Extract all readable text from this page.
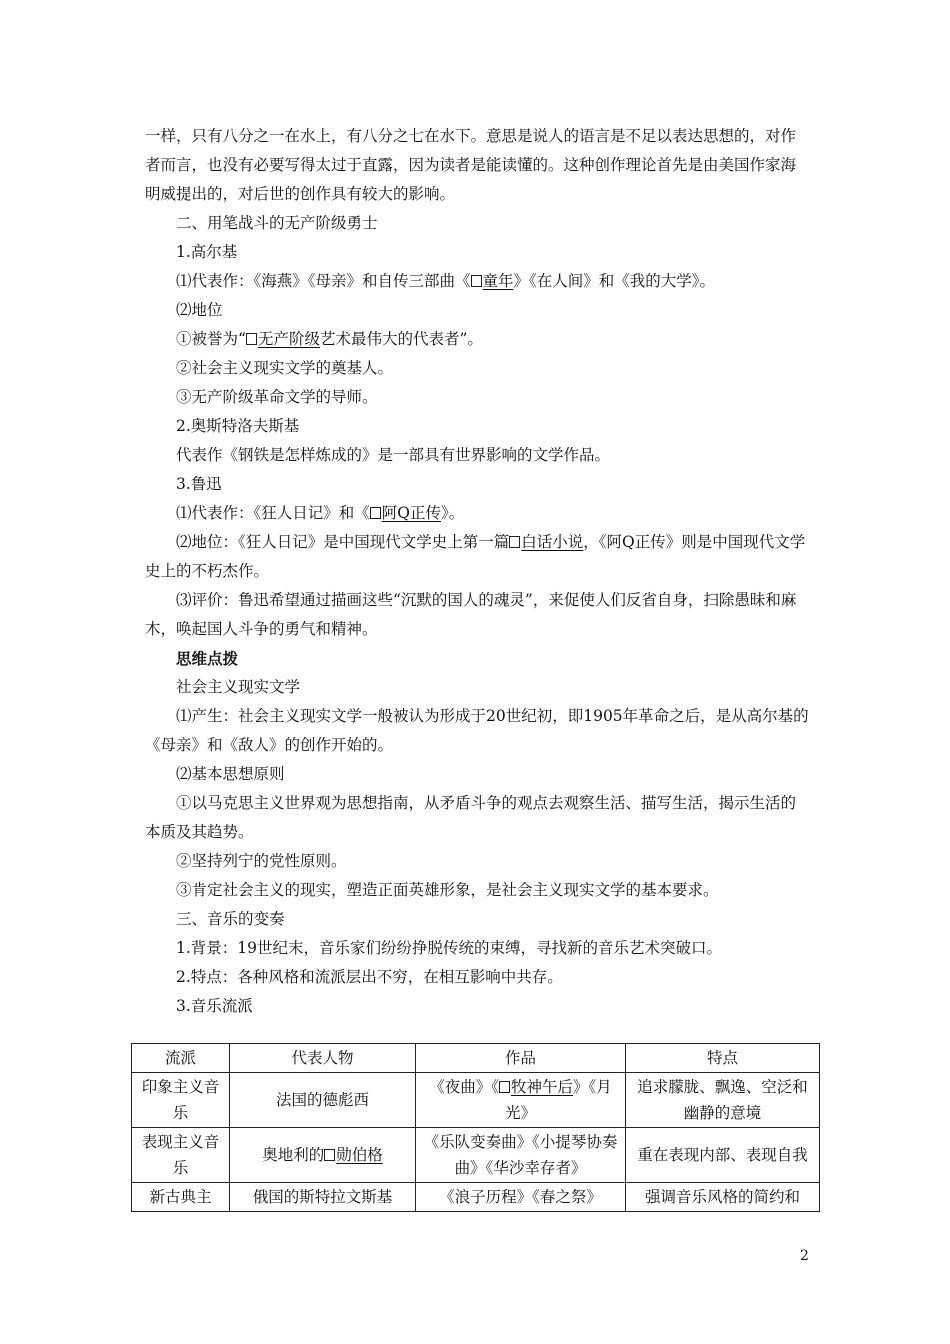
一样，只有八分之一在水上，有八分之七在水下。意思是说人的语言是不足以表达思想的，对作者而言，也没有必要写得太过于直露，因为读者是能读懂的。这种创作理论首先是由美国作家海明威提出的，对后世的创作具有较大的影响。

二、用笔战斗的无产阶级勇士

1.高尔基

⑴代表作：《海燕》《母亲》和自传三部曲《 童年》《在人间》和《我的大学》。

⑵地位

①被誉为“ 无产阶级艺术最伟大的代表者”。

②社会主义现实文学的奠基人。

③无产阶级革命文学的导师。

2.奥斯特洛夫斯基

代表作《钢铁是怎样炼成的》是一部具有世界影响的文学作品。

3.鲁迅

⑴代表作：《狂人日记》和《 阿Q正传》。

⑵地位：《狂人日记》是中国现代文学史上第一篇 白话小说，《阿Q正传》则是中国现代文学史上的不朽杰作。

⑶评价：鲁迅希望通过描画这些“沉默的国人的魂灵”，来促使人们反省自身，扫除愚昧和麻木，唤起国人斗争的勇气和精神。

思维点拨

社会主义现实文学

⑴产生：社会主义现实文学一般被认为形成于20世纪初，即1905年革命之后，是从高尔基的《母亲》和《敌人》的创作开始的。

⑵基本思想原则

①以马克思主义世界观为思想指南，从矛盾斗争的观点去观察生活、描写生活，揭示生活的本质及其趋势。

②坚持列宁的党性原则。

③肯定社会主义的现实，塑造正面英雄形象，是社会主义现实文学的基本要求。

三、音乐的变奏

1.背景：19世纪末，音乐家们纷纷挣脱传统的束缚，寻找新的音乐艺术突破口。

2.特点：各种风格和流派层出不穷，在相互影响中共存。

3.音乐流派

流派	代表人物	作品	特点
印象主义音乐	法国的德彪西	《夜曲》《 牧神午后》《月光》	追求朦胧、飘逸、空泛和幽静的意境
表现主义音乐	奥地利的 勋伯格	《乐队变奏曲》《小提琴协奏曲》《华沙幸存者》	重在表现内部、表现自我
新古典主	俄国的斯特拉文斯基	《浪子历程》《春之祭》	强调音乐风格的简约和
2
